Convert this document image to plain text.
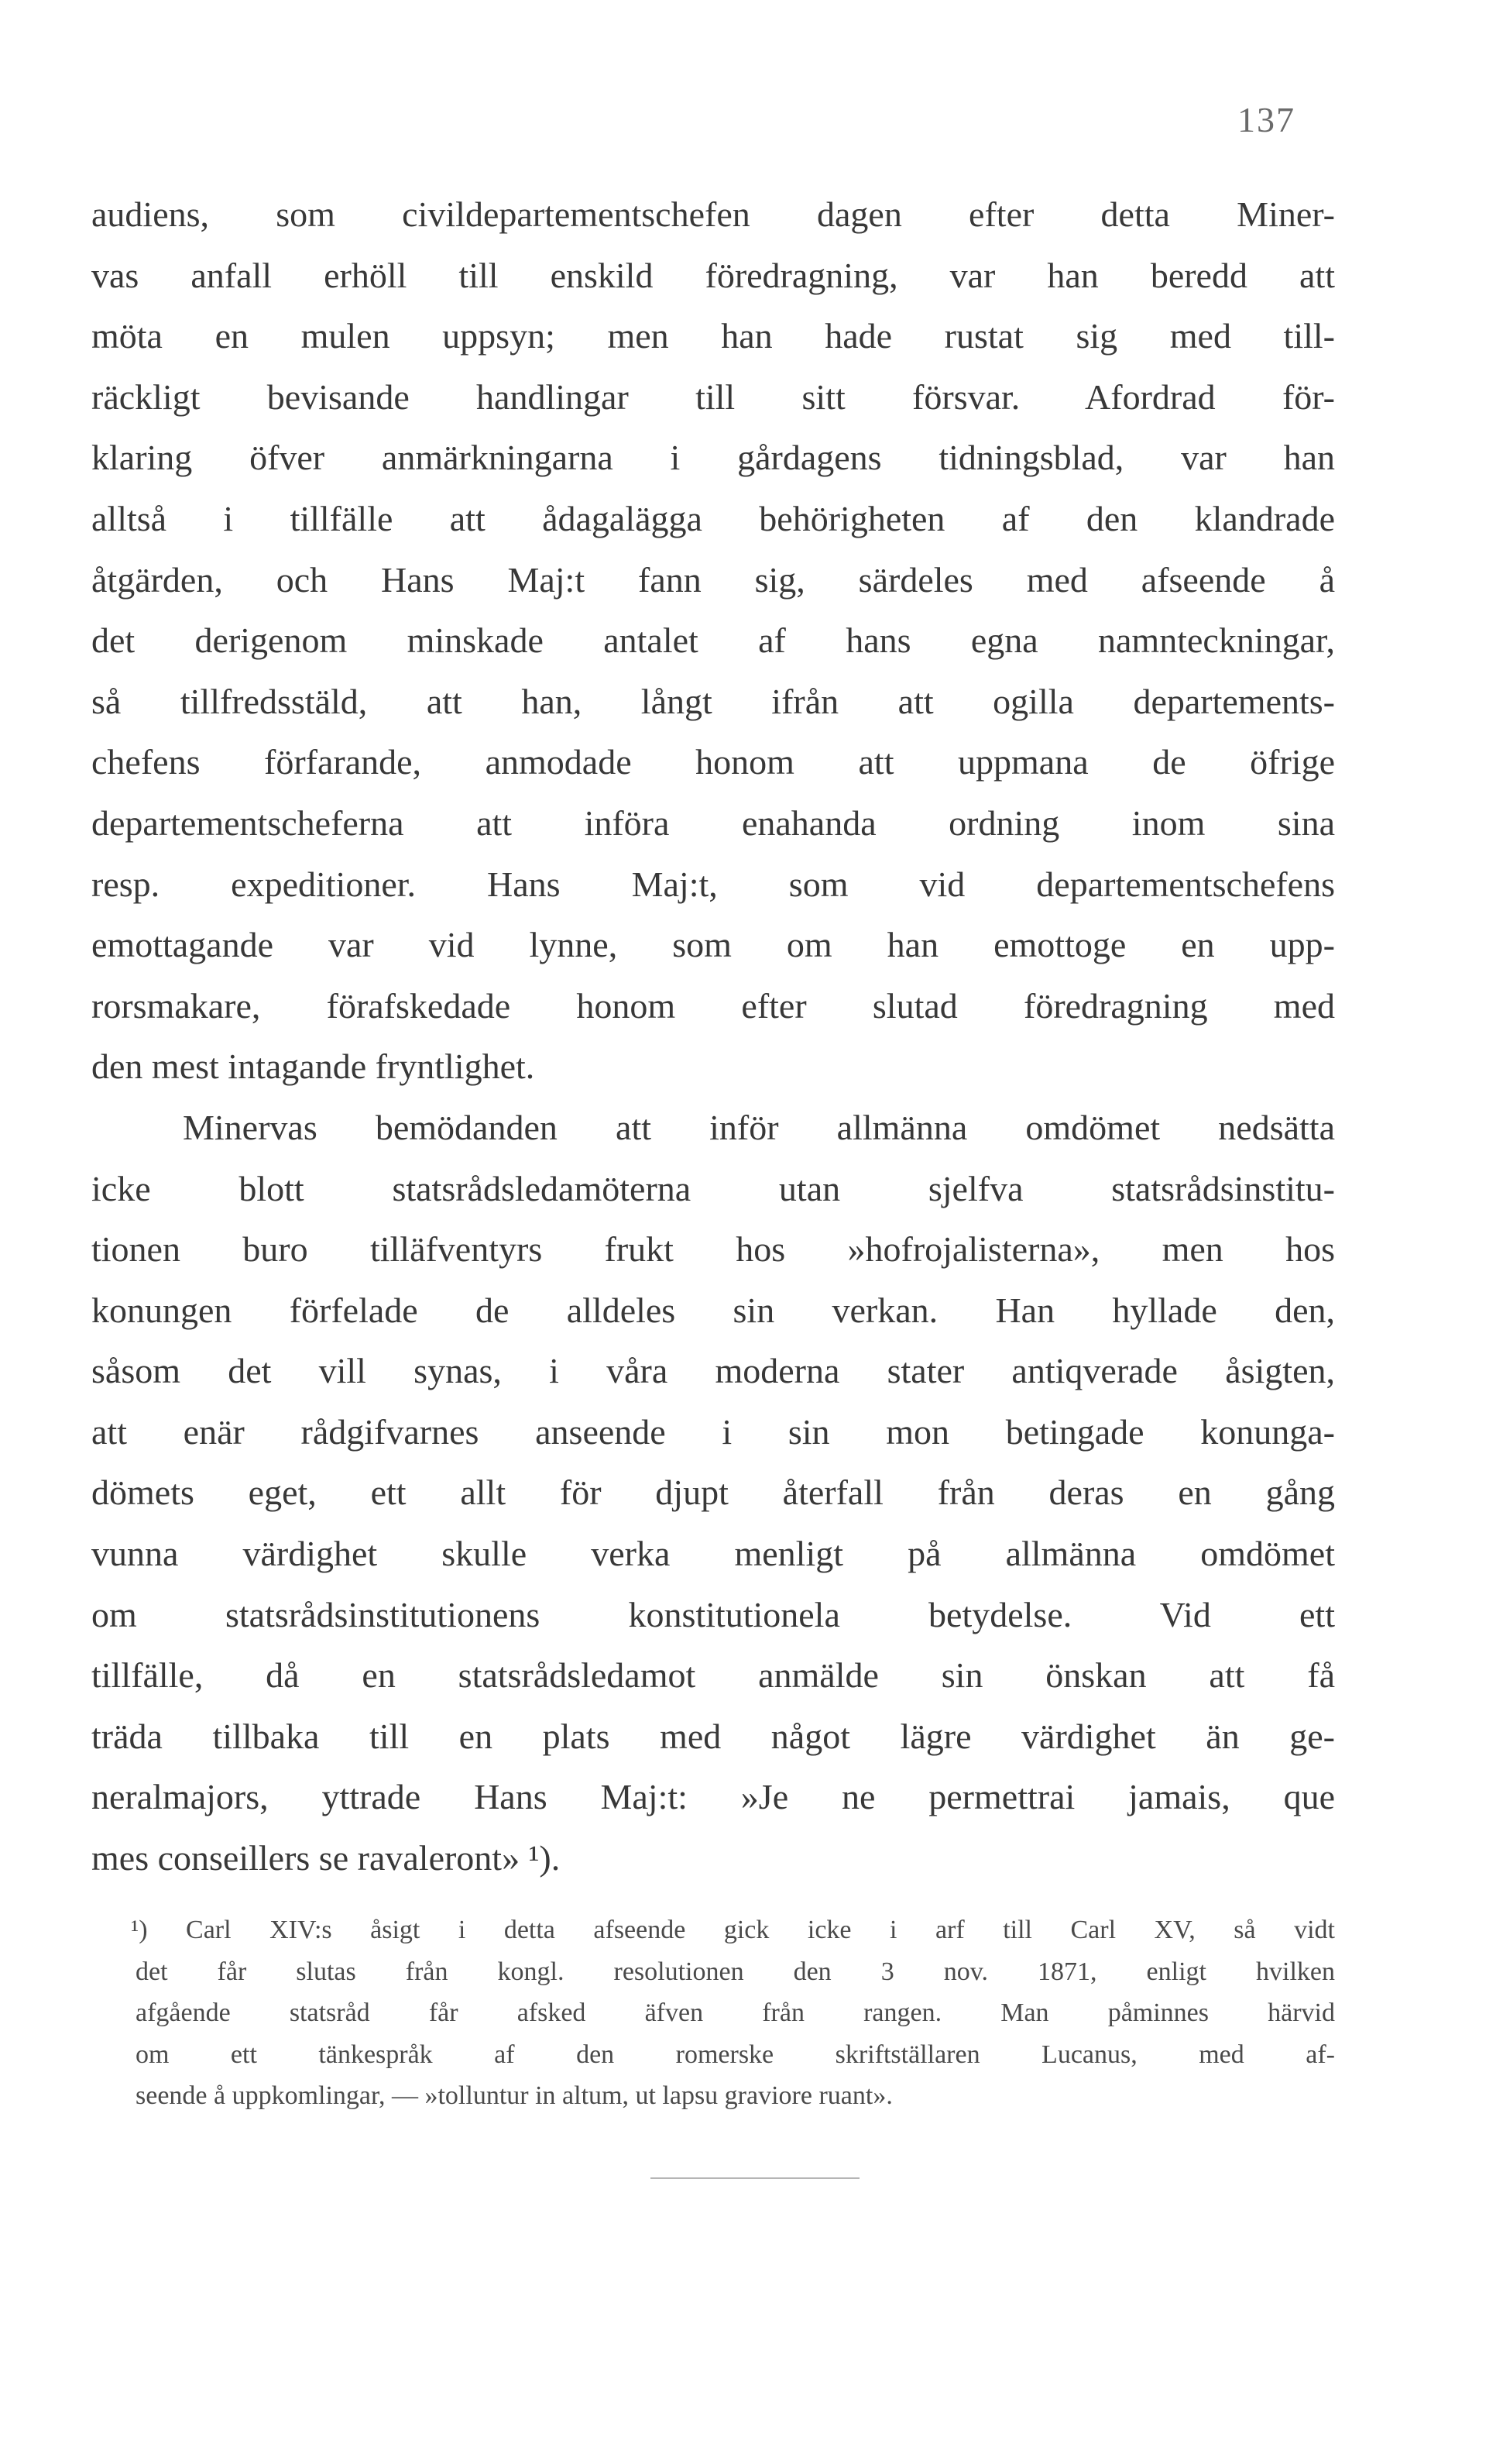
137
audiens, som civildepartementschefen dagen efter detta Miner-
vas anfall erhöll till enskild föredragning, var han beredd att
möta en mulen uppsyn; men han hade rustat sig med till-
räckligt bevisande handlingar till sitt försvar. Afordrad för-
klaring öfver anmärkningarna i gårdagens tidningsblad, var han
alltså i tillfälle att ådagalägga behörigheten af den klandrade
åtgärden, och Hans Maj:t fann sig, särdeles med afseende å
det derigenom minskade antalet af hans egna namnteckningar,
så tillfredsstäld, att han, långt ifrån att ogilla departements-
chefens förfarande, anmodade honom att uppmana de öfrige
departementscheferna att införa enahanda ordning inom sina
resp. expeditioner. Hans Maj:t, som vid departementschefens
emottagande var vid lynne, som om han emottoge en upp-
rorsmakare, förafskedade honom efter slutad föredragning med
den mest intagande fryntlighet.
Minervas bemödanden att inför allmänna omdömet nedsätta
icke blott statsrådsledamöterna utan sjelfva statsrådsinstitu-
tionen buro tilläfventyrs frukt hos »hofrojalisterna», men hos
konungen förfelade de alldeles sin verkan. Han hyllade den,
såsom det vill synas, i våra moderna stater antiqverade åsigten,
att enär rådgifvarnes anseende i sin mon betingade konunga-
dömets eget, ett allt för djupt återfall från deras en gång
vunna värdighet skulle verka menligt på allmänna omdömet
om statsrådsinstitutionens konstitutionela betydelse. Vid ett
tillfälle, då en statsrådsledamot anmälde sin önskan att få
träda tillbaka till en plats med något lägre värdighet än ge-
neralmajors, yttrade Hans Maj:t: »Je ne permettrai jamais, que
mes conseillers se ravaleront» ¹).
¹) Carl XIV:s åsigt i detta afseende gick icke i arf till Carl XV, så vidt
det får slutas från kongl. resolutionen den 3 nov. 1871, enligt hvilken
afgående statsråd får afsked äfven från rangen. Man påminnes härvid
om ett tänkespråk af den romerske skriftställaren Lucanus, med af-
seende å uppkomlingar, — »tolluntur in altum, ut lapsu graviore ruant».
